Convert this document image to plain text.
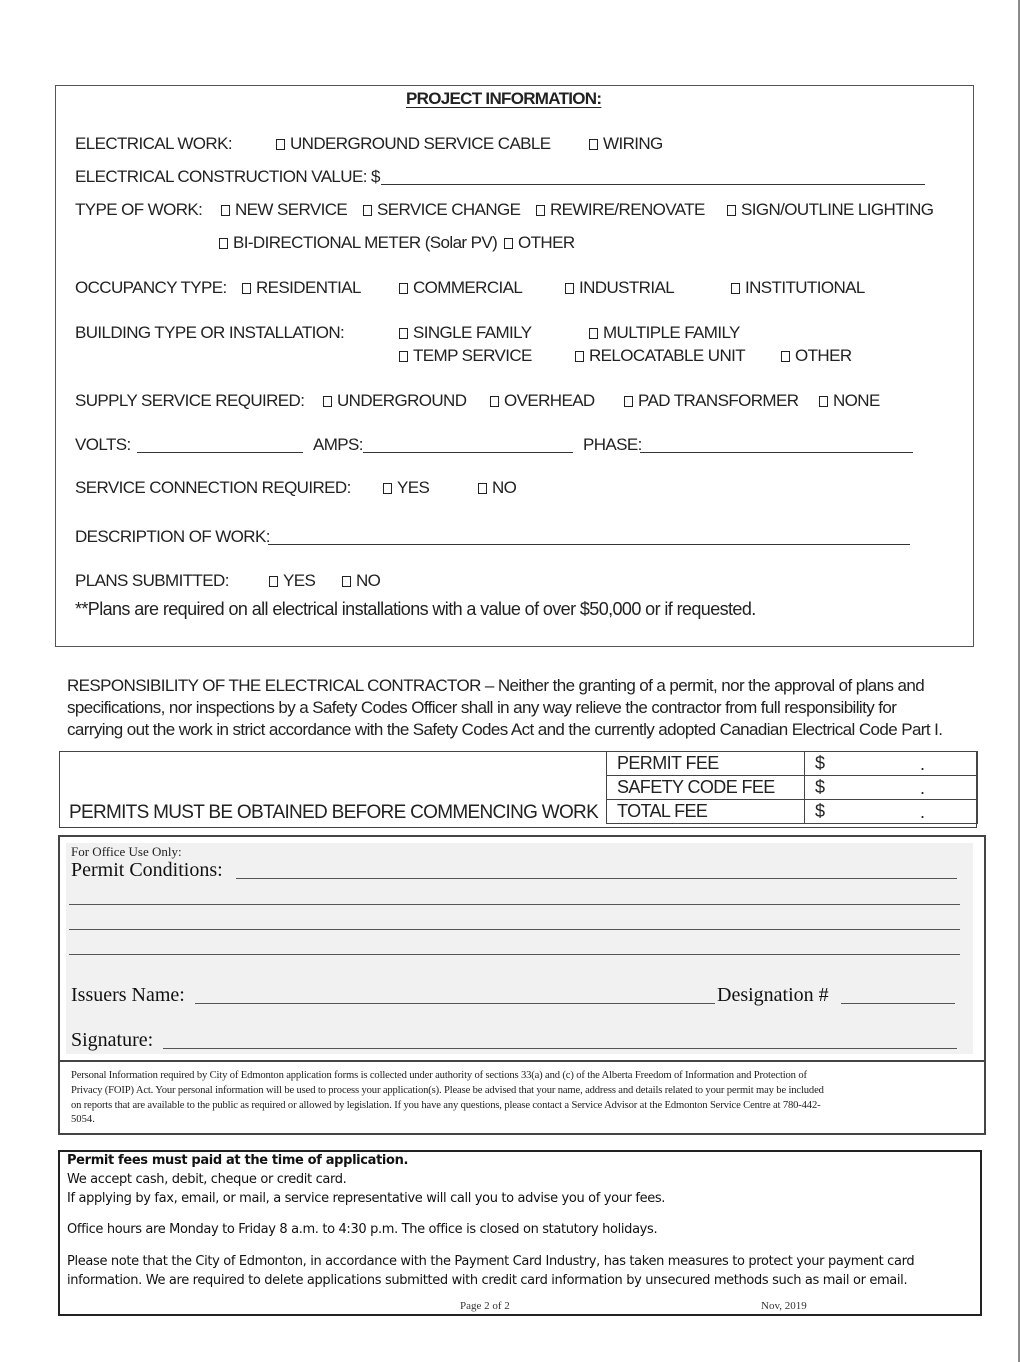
PROJECT INFORMATION:
ELECTRICAL WORK:	UNDERGROUND SERVICE CABLE	WIRING
ELECTRICAL CONSTRUCTION VALUE: $
TYPE OF WORK:	NEW SERVICE	SERVICE CHANGE	REWIRE/RENOVATE	SIGN/OUTLINE LIGHTING
BI-DIRECTIONAL METER (Solar PV)	OTHER
OCCUPANCY TYPE:	RESIDENTIAL	COMMERCIAL	INDUSTRIAL	INSTITUTIONAL
BUILDING TYPE OR INSTALLATION:	SINGLE FAMILY	MULTIPLE FAMILY
TEMP SERVICE	RELOCATABLE UNIT	OTHER
SUPPLY SERVICE REQUIRED:	UNDERGROUND	OVERHEAD	PAD TRANSFORMER	NONE
VOLTS:	AMPS:	PHASE:
SERVICE CONNECTION REQUIRED:	YES	NO
DESCRIPTION OF WORK:
PLANS SUBMITTED:	YES	NO
**Plans are required on all electrical installations with a value of over $50,000 or if requested.
RESPONSIBILITY OF THE ELECTRICAL CONTRACTOR – Neither the granting of a permit, nor the approval of plans and
specifications, nor inspections by a Safety Codes Officer shall in any way relieve the contractor from full responsibility for
carrying out the work in strict accordance with the Safety Codes Act and the currently adopted Canadian Electrical Code Part I.
PERMITS MUST BE OBTAINED BEFORE COMMENCING WORK
PERMIT FEE	$ .

SAFETY CODE FEE	$ .

TOTAL FEE	$ .
For Office Use Only:
Permit Conditions:
Issuers Name:	Designation #
Signature:
Personal Information required by City of Edmonton application forms is collected under authority of sections 33(a) and (c) of the Alberta Freedom of Information and Protection of
Privacy (FOIP) Act. Your personal information will be used to process your application(s). Please be advised that your name, address and details related to your permit may be included
on reports that are available to the public as required or allowed by legislation. If you have any questions, please contact a Service Advisor at the Edmonton Service Centre at 780-442-
5054.
Permit fees must paid at the time of application.
We accept cash, debit, cheque or credit card.
If applying by fax, email, or mail, a service representative will call you to advise you of your fees.
Office hours are Monday to Friday 8 a.m. to 4:30 p.m. The office is closed on statutory holidays.
Please note that the City of Edmonton, in accordance with the Payment Card Industry, has taken measures to protect your payment card
information. We are required to delete applications submitted with credit card information by unsecured methods such as mail or email.
Page 2 of 2	Nov, 2019
